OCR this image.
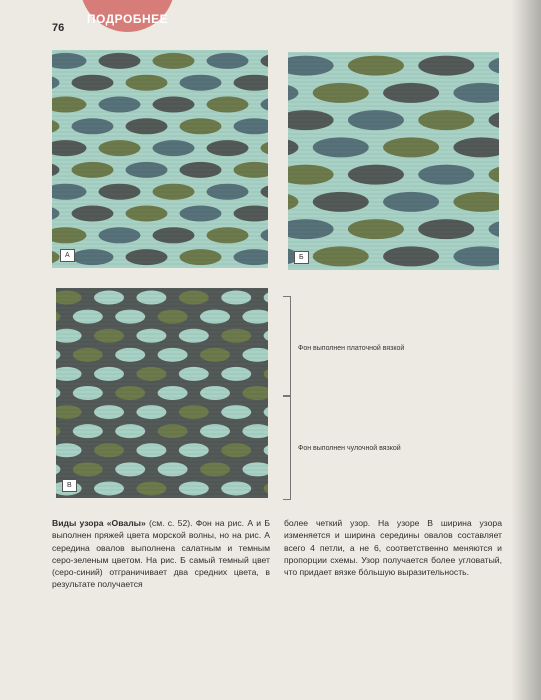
ПОДРОБНЕЕ
76
А	Б
В
Фон выполнен платочной вязкой
Фон выполнен чулочной вязкой
Виды узора «Овалы» (см. с. 52). Фон на рис. А и Б выполнен пряжей цвета морской волны, но на рис. А середина овалов выполнена салатным и темным серо-зеленым цветом. На рис. Б самый темный цвет (серо-синий) отграничивает два средних цвета, в результате получается
более четкий узор. На узоре В ширина узора изменяется и ширина середины овалов составляет всего 4 петли, а не 6, соответственно меняются и пропорции схемы. Узор получается более угловатый, что придает вязке бóльшую выразительность.
